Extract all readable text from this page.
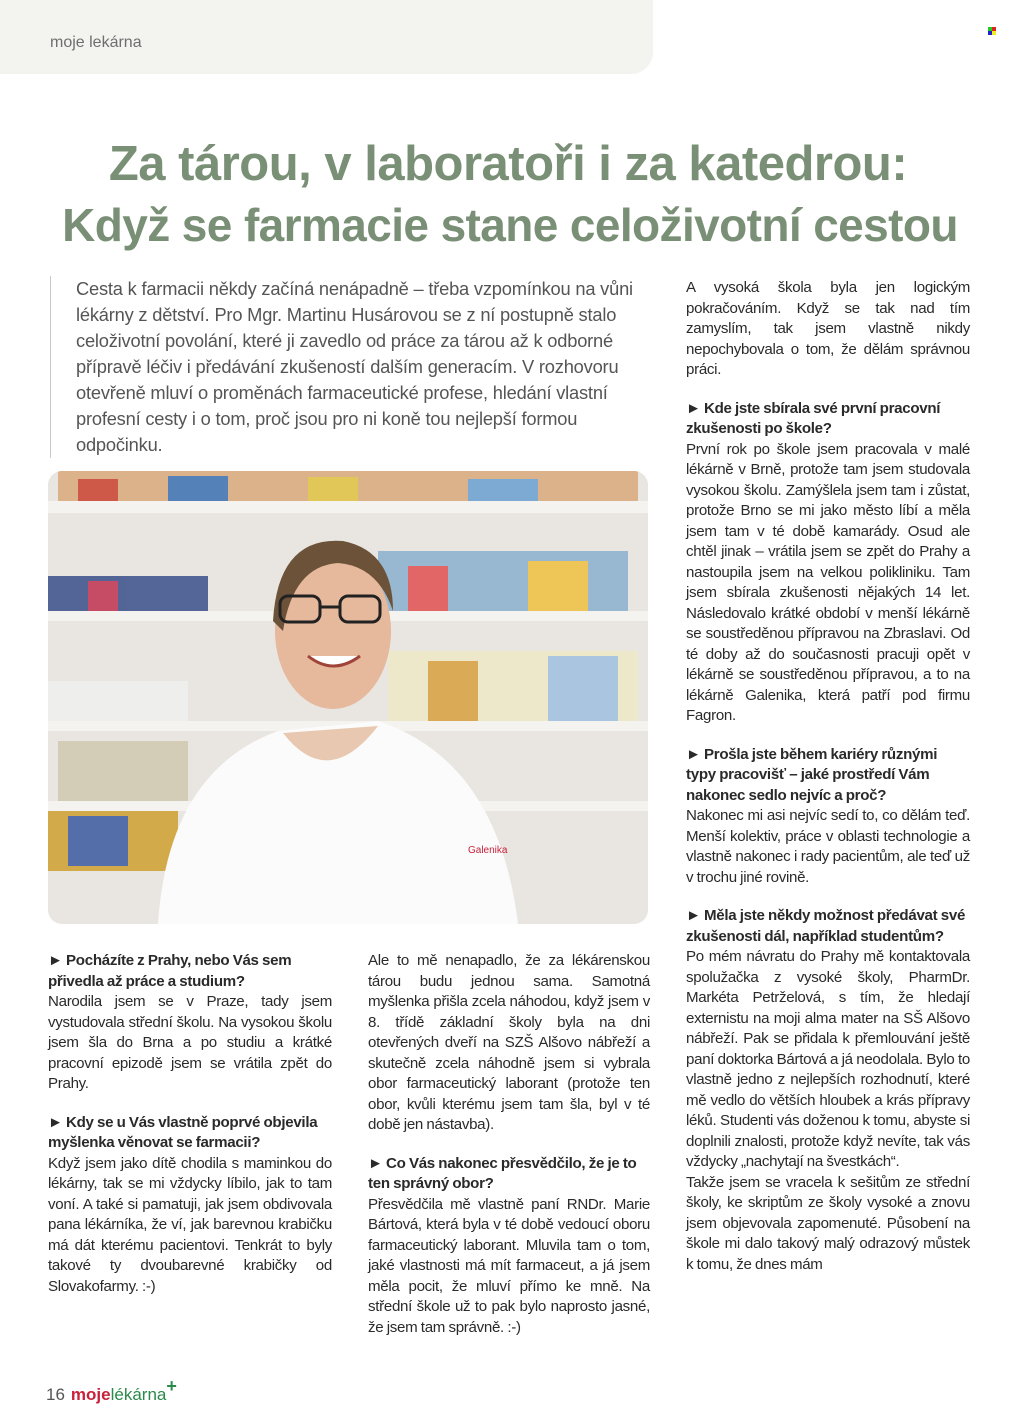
moje lekárna
Za tárou, v laboratoři i za katedrou:
Když se farmacie stane celoživotní cestou
Cesta k farmacii někdy začíná nenápadně – třeba vzpomínkou na vůni lékárny z dětství. Pro Mgr. Martinu Husárovou se z ní postupně stalo celoživotní povolání, které ji zavedlo od práce za tárou až k odborné přípravě léčiv i předávání zkušeností dalším generacím. V rozhovoru otevřeně mluví o proměnách farmaceutické profese, hledání vlastní profesní cesty i o tom, proč jsou pro ni koně tou nejlepší formou odpočinku.
Galenika
► Pocházíte z Prahy, nebo Vás sem přivedla až práce a studium?

Narodila jsem se v Praze, tady jsem vystudovala střední školu. Na vysokou školu jsem šla do Brna a po studiu a krátké pracovní epizodě jsem se vrátila zpět do Prahy.

► Kdy se u Vás vlastně poprvé objevila myšlenka věnovat se farmacii?

Když jsem jako dítě chodila s maminkou do lékárny, tak se mi vždycky líbilo, jak to tam voní. A také si pamatuji, jak jsem obdivovala pana lékárníka, že ví, jak barevnou krabičku má dát kterému pacientovi. Tenkrát to byly takové ty dvoubarevné krabičky od Slovakofarmy. :-)

Ale to mě nenapadlo, že za lékárenskou tárou budu jednou sama. Samotná myšlenka přišla zcela náhodou, když jsem v 8. třídě základní školy byla na dni otevřených dveří na SZŠ Alšovo nábřeží a skutečně zcela náhodně jsem si vybrala obor farmaceutický laborant (protože ten obor, kvůli kterému jsem tam šla, byl v té době jen nástavba).

► Co Vás nakonec přesvědčilo, že je to ten správný obor?

Přesvědčila mě vlastně paní RNDr. Marie Bártová, která byla v té době vedoucí oboru farmaceutický laborant. Mluvila tam o tom, jaké vlastnosti má mít farmaceut, a já jsem měla pocit, že mluví přímo ke mně. Na střední škole už to pak bylo naprosto jasné, že jsem tam správně. :-)

A vysoká škola byla jen logickým pokračováním. Když se tak nad tím zamyslím, tak jsem vlastně nikdy nepochybovala o tom, že dělám správnou práci.

► Kde jste sbírala své první pracovní zkušenosti po škole?

První rok po škole jsem pracovala v malé lékárně v Brně, protože tam jsem studovala vysokou školu. Zamýšlela jsem tam i zůstat, protože Brno se mi jako město líbí a měla jsem tam v té době kamarády. Osud ale chtěl jinak – vrátila jsem se zpět do Prahy a nastoupila jsem na velkou polikliniku. Tam jsem sbírala zkušenosti nějakých 14 let. Následovalo krátké období v menší lékárně se soustředěnou přípravou na Zbraslavi. Od té doby až do současnosti pracuji opět v lékárně se soustředěnou přípravou, a to na lékárně Galenika, která patří pod firmu Fagron.

► Prošla jste během kariéry různými typy pracovišť – jaké prostředí Vám nakonec sedlo nejvíc a proč?

Nakonec mi asi nejvíc sedí to, co dělám teď. Menší kolektiv, práce v oblasti technologie a vlastně nakonec i rady pacientům, ale teď už v trochu jiné rovině.

► Měla jste někdy možnost předávat své zkušenosti dál, například studentům?

Po mém návratu do Prahy mě kontaktovala spolužačka z vysoké školy, PharmDr. Markéta Petrželová, s tím, že hledají externistu na moji alma mater na SŠ Alšovo nábřeží. Pak se přidala k přemlouvání ještě paní doktorka Bártová a já neodolala. Bylo to vlastně jedno z nejlepších rozhodnutí, které mě vedlo do větších hloubek a krás přípravy léků. Studenti vás doženou k tomu, abyste si doplnili znalosti, protože když nevíte, tak vás vždycky „nachytají na švestkách“.

Takže jsem se vracela k sešitům ze střední školy, ke skriptům ze školy vysoké a znovu jsem objevovala zapomenuté. Působení na škole mi dalo takový malý odrazový můstek k tomu, že dnes mám

16 mojelékárna+
